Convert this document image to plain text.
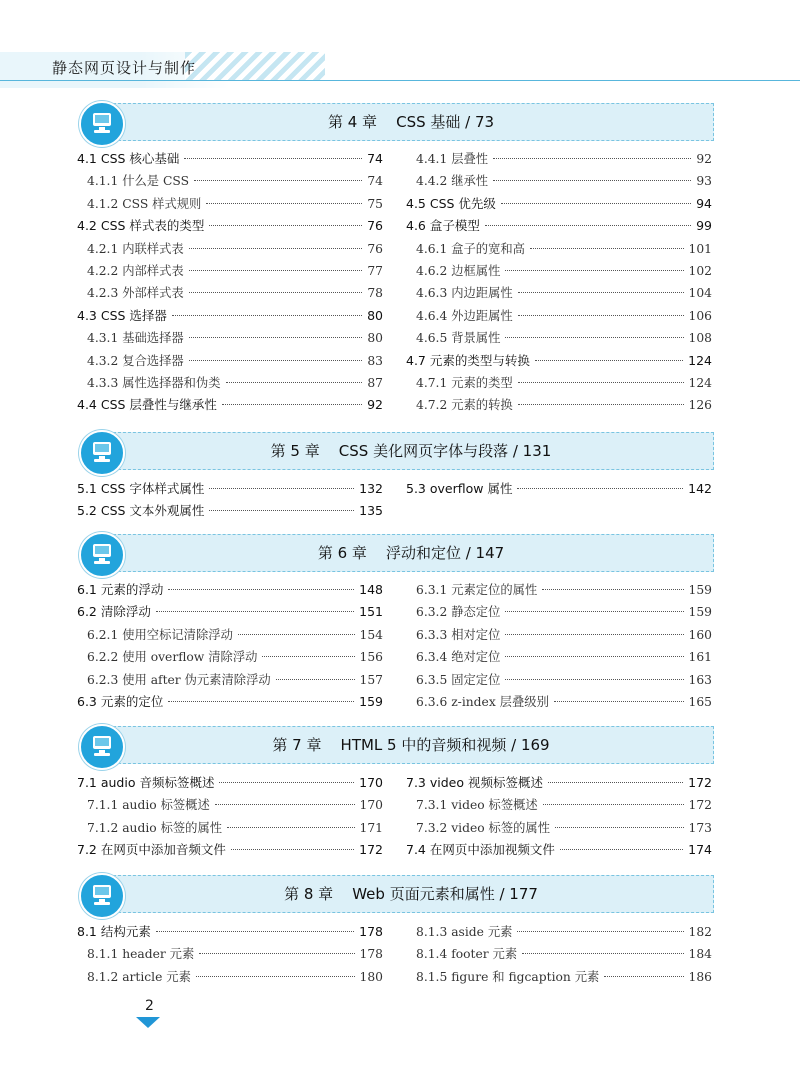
静态网页设计与制作
第 4 章    CSS 基础 / 73
4.1 CSS 核心基础	74
4.1.1 什么是 CSS	74
4.1.2 CSS 样式规则	75
4.2 CSS 样式表的类型	76
4.2.1 内联样式表	76
4.2.2 内部样式表	77
4.2.3 外部样式表	78
4.3 CSS 选择器	80
4.3.1 基础选择器	80
4.3.2 复合选择器	83
4.3.3 属性选择器和伪类	87
4.4 CSS 层叠性与继承性	92
4.4.1 层叠性	92
4.4.2 继承性	93
4.5 CSS 优先级	94
4.6 盒子模型	99
4.6.1 盒子的宽和高	101
4.6.2 边框属性	102
4.6.3 内边距属性	104
4.6.4 外边距属性	106
4.6.5 背景属性	108
4.7 元素的类型与转换	124
4.7.1 元素的类型	124
4.7.2 元素的转换	126
第 5 章    CSS 美化网页字体与段落 / 131
5.1 CSS 字体样式属性	132
5.2 CSS 文本外观属性	135
5.3 overflow 属性	142
第 6 章    浮动和定位 / 147
6.1 元素的浮动	148
6.2 清除浮动	151
6.2.1 使用空标记清除浮动	154
6.2.2 使用 overflow 清除浮动	156
6.2.3 使用 after 伪元素清除浮动	157
6.3 元素的定位	159
6.3.1 元素定位的属性	159
6.3.2 静态定位	159
6.3.3 相对定位	160
6.3.4 绝对定位	161
6.3.5 固定定位	163
6.3.6 z-index 层叠级别	165
第 7 章    HTML 5 中的音频和视频 / 169
7.1 audio 音频标签概述	170
7.1.1 audio 标签概述	170
7.1.2 audio 标签的属性	171
7.2 在网页中添加音频文件	172
7.3 video 视频标签概述	172
7.3.1 video 标签概述	172
7.3.2 video 标签的属性	173
7.4 在网页中添加视频文件	174
第 8 章    Web 页面元素和属性 / 177
8.1 结构元素	178
8.1.1 header 元素	178
8.1.2 article 元素	180
8.1.3 aside 元素	182
8.1.4 footer 元素	184
8.1.5 figure 和 figcaption 元素	186
2
